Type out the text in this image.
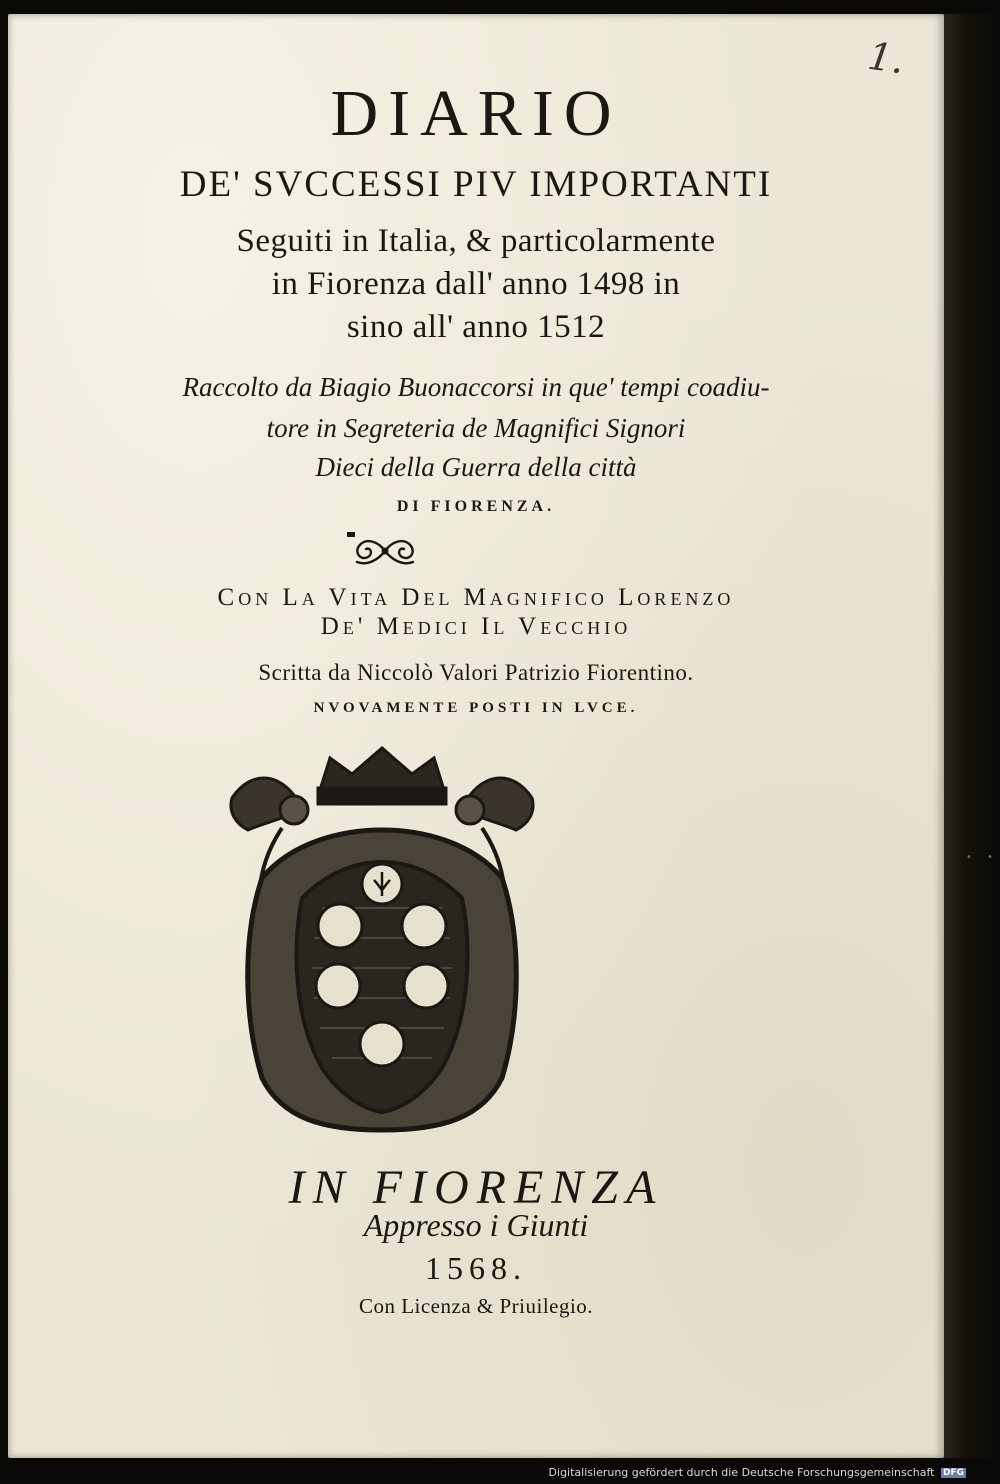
1.
DIARIO
DE' SVCCESSI PIV IMPORTANTI
Seguiti in Italia, & particolarmente
in Fiorenza dall' anno 1498 in
sino all' anno 1512
Raccolto da Biagio Buonaccorsi in que' tempi coadiu-
tore in Segreteria de Magnifici Signori
Dieci della Guerra della città
DI FIORENZA.
Con La Vita Del Magnifico Lorenzo
De' Medici Il Vecchio
Scritta da Niccolò Valori Patrizio Fiorentino.
NVOVAMENTE POSTI IN LVCE.
IN FIORENZA
Appresso i Giunti
1568.
Con Licenza & Priuilegio.
• •
Digitalisierung gefördert durch die Deutsche Forschungsgemeinschaft DFG
